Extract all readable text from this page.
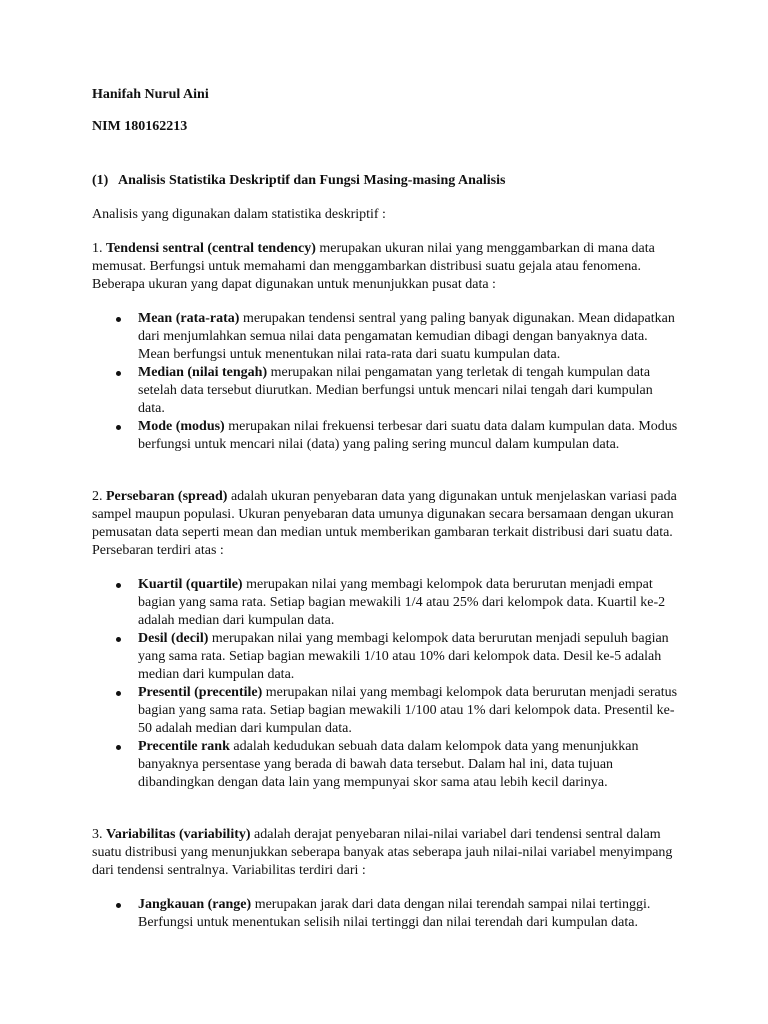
Hanifah Nurul Aini

NIM 180162213

(1) Analisis Statistika Deskriptif dan Fungsi Masing-masing Analisis

Analisis yang digunakan dalam statistika deskriptif :

1. Tendensi sentral (central tendency) merupakan ukuran nilai yang menggambarkan di mana data memusat. Berfungsi untuk memahami dan menggambarkan distribusi suatu gejala atau fenomena. Beberapa ukuran yang dapat digunakan untuk menunjukkan pusat data :

Mean (rata-rata) merupakan tendensi sentral yang paling banyak digunakan. Mean didapatkan dari menjumlahkan semua nilai data pengamatan kemudian dibagi dengan banyaknya data. Mean berfungsi untuk menentukan nilai rata-rata dari suatu kumpulan data.
Median (nilai tengah) merupakan nilai pengamatan yang terletak di tengah kumpulan data setelah data tersebut diurutkan. Median berfungsi untuk mencari nilai tengah dari kumpulan data.
Mode (modus) merupakan nilai frekuensi terbesar dari suatu data dalam kumpulan data. Modus berfungsi untuk mencari nilai (data) yang paling sering muncul dalam kumpulan data.

2. Persebaran (spread) adalah ukuran penyebaran data yang digunakan untuk menjelaskan variasi pada sampel maupun populasi. Ukuran penyebaran data umunya digunakan secara bersamaan dengan ukuran pemusatan data seperti mean dan median untuk memberikan gambaran terkait distribusi dari suatu data. Persebaran terdiri atas :

Kuartil (quartile) merupakan nilai yang membagi kelompok data berurutan menjadi empat bagian yang sama rata. Setiap bagian mewakili 1/4 atau 25% dari kelompok data. Kuartil ke-2 adalah median dari kumpulan data.
Desil (decil) merupakan nilai yang membagi kelompok data berurutan menjadi sepuluh bagian yang sama rata. Setiap bagian mewakili 1/10 atau 10% dari kelompok data. Desil ke-5 adalah median dari kumpulan data.
Presentil (precentile) merupakan nilai yang membagi kelompok data berurutan menjadi seratus bagian yang sama rata. Setiap bagian mewakili 1/100 atau 1% dari kelompok data. Presentil ke-50 adalah median dari kumpulan data.
Precentile rank adalah kedudukan sebuah data dalam kelompok data yang menunjukkan banyaknya persentase yang berada di bawah data tersebut. Dalam hal ini, data tujuan dibandingkan dengan data lain yang mempunyai skor sama atau lebih kecil darinya.

3. Variabilitas (variability) adalah derajat penyebaran nilai-nilai variabel dari tendensi sentral dalam suatu distribusi yang menunjukkan seberapa banyak atas seberapa jauh nilai-nilai variabel menyimpang dari tendensi sentralnya. Variabilitas terdiri dari :

Jangkauan (range) merupakan jarak dari data dengan nilai terendah sampai nilai tertinggi. Berfungsi untuk menentukan selisih nilai tertinggi dan nilai terendah dari kumpulan data.
